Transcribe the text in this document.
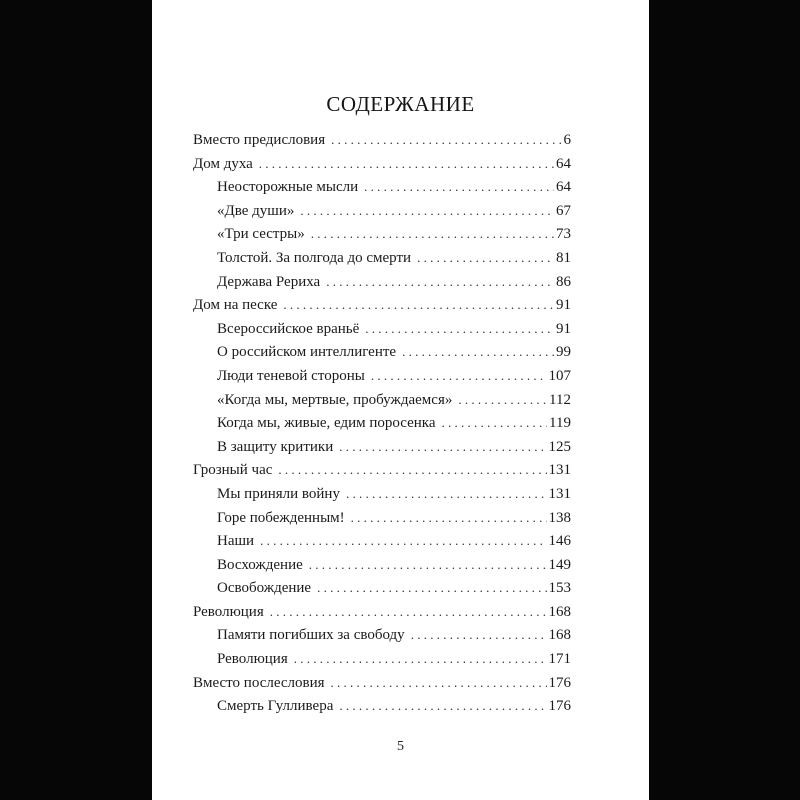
СОДЕРЖАНИЕ
Вместо предисловия . . .	6
Дом духа . . .	64
Неосторожные мысли . . .	64
«Две души» . . .	67
«Три сестры» . . .	73
Толстой. За полгода до смерти . . .	81
Держава Рериха . . .	86
Дом на песке . . .	91
Всероссийское враньё . . .	91
О российском интеллигенте . . .	99
Люди теневой стороны . . .	107
«Когда мы, мертвые, пробуждаемся» . . .	112
Когда мы, живые, едим поросенка . . .	119
В защиту критики . . .	125
Грозный час . . .	131
Мы приняли войну . . .	131
Горе побежденным! . . .	138
Наши . . .	146
Восхождение . . .	149
Освобождение . . .	153
Революция . . .	168
Памяти погибших за свободу . . .	168
Революция . . .	171
Вместо послесловия . . .	176
Смерть Гулливера . . .	176
5
